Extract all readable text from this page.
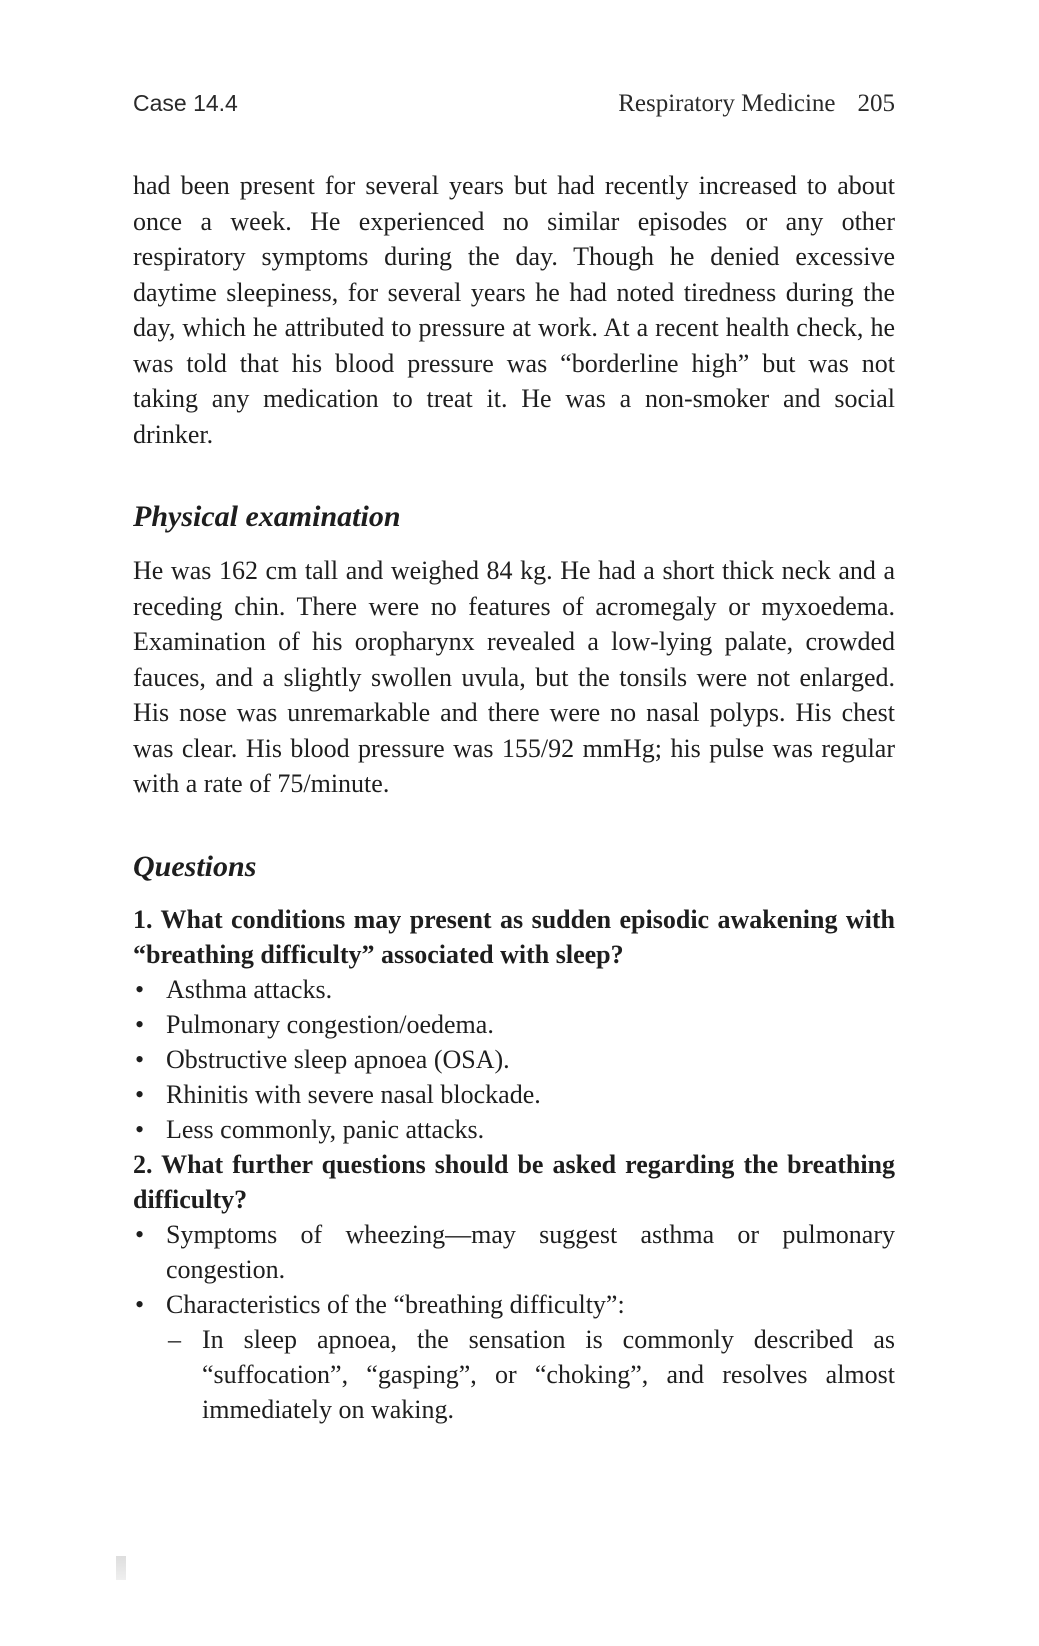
Case 14.4	Respiratory Medicine 205

had been present for several years but had recently increased to about once a week. He experienced no similar episodes or any other respiratory symptoms during the day. Though he denied excessive daytime sleepiness, for several years he had noted tiredness during the day, which he attributed to pressure at work. At a recent health check, he was told that his blood pressure was “borderline high” but was not taking any medication to treat it. He was a non-smoker and social drinker.

Physical examination

He was 162 cm tall and weighed 84 kg. He had a short thick neck and a receding chin. There were no features of acromegaly or myxoedema. Examination of his oropharynx revealed a low-lying palate, crowded fauces, and a slightly swollen uvula, but the tonsils were not enlarged. His nose was unremarkable and there were no nasal polyps. His chest was clear. His blood pressure was 155/92 mmHg; his pulse was regular with a rate of 75/minute.

Questions

1. What conditions may present as sudden episodic awakening with “breathing difficulty” associated with sleep?

• Asthma attacks.
• Pulmonary congestion/oedema.
• Obstructive sleep apnoea (OSA).
• Rhinitis with severe nasal blockade.
• Less commonly, panic attacks.

2. What further questions should be asked regarding the breathing difficulty?

• Symptoms of wheezing—may suggest asthma or pulmonary congestion.
• Characteristics of the “breathing difficulty”:
– In sleep apnoea, the sensation is commonly described as “suffocation”, “gasping”, or “choking”, and resolves almost immediately on waking.
